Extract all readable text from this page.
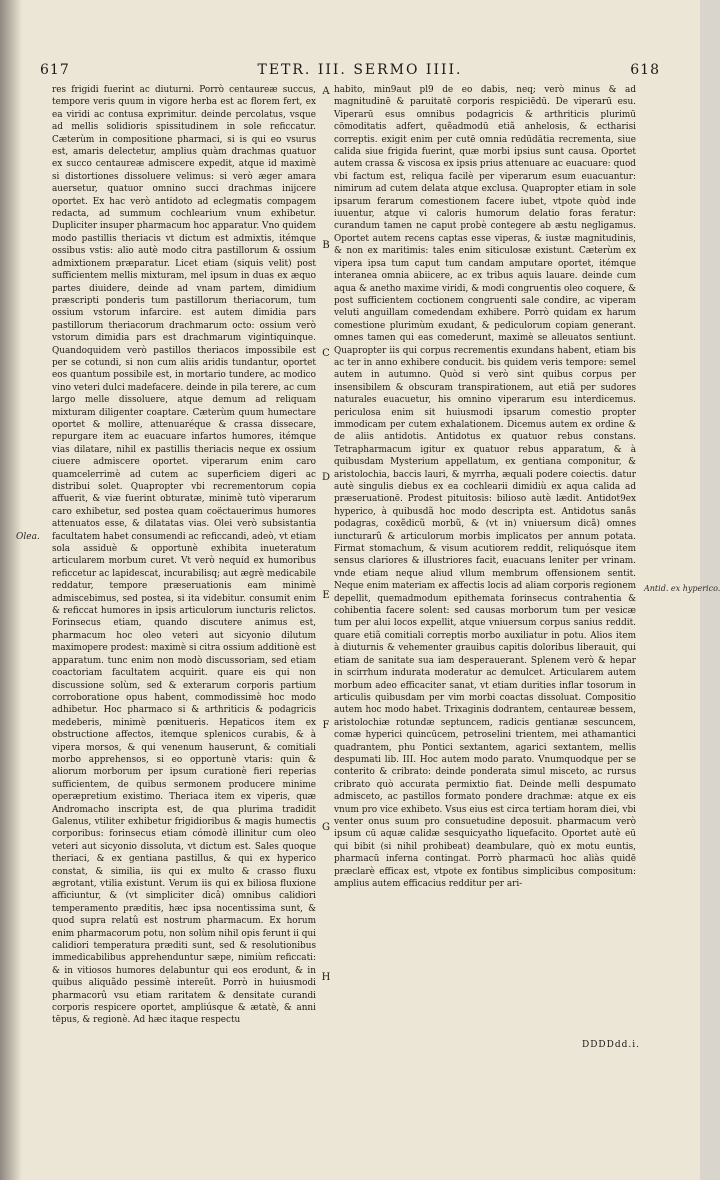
617	TETR. III. SERMO IIII.	618

res frigidi fuerint ac diuturni. Porrò centaureæ succus, tempore veris quum in vigore herba est ac florem fert, ex ea viridi ac contusa exprimitur. deinde percolatus, vsque ad mellis solidioris spissitudinem in sole reficcatur. Cæterùm in compositione pharmaci, si is qui eo vsurus est, amaris delectetur, amplius quàm drachmas quatuor ex succo centaureæ admiscere expedit, atque id maximè si distortiones dissoluere velimus: si verò æger amara auersetur, quatuor omnino succi drachmas inijcere oportet. Ex hac verò antidoto ad eclegmatis compagem redacta, ad summum cochlearium vnum exhibetur. Dupliciter insuper pharmacum hoc apparatur. Vno quidem modo pastillis theriacis vt dictum est admixtis, itémque ossibus vstis: alio autè modo citra pastillorum & ossium admixtionem præparatur. Licet etiam (siquis velit) post sufficientem mellis mixturam, mel ipsum in duas ex æquo partes diuidere, deinde ad vnam partem, dimidium præscripti ponderis tum pastillorum theriacorum, tum ossium vstorum infarcire. est autem dimidia pars pastillorum theriacorum drachmarum octo: ossium verò vstorum dimidia pars est drachmarum vigintiquinque. Quandoquidem verò pastillos theriacos impossibile est per se cotundi, si non cum aliis aridis tundantur, oportet eos quantum possibile est, in mortario tundere, ac modico vino veteri dulci madefacere. deinde in pila terere, ac cum largo melle dissoluere, atque demum ad reliquam mixturam diligenter coaptare. Cæterùm quum humectare oportet & mollire, attenuaréque & crassa dissecare, repurgare item ac euacuare infartos humores, itémque vias dilatare, nihil ex pastillis theriacis neque ex ossium ciuere admiscere oportet. viperarum enim caro quamcelerrimè ad cutem ac superficiem digeri ac distribui solet. Quapropter vbi recrementorum copia affuerit, & viæ fuerint obturatæ, minimè tutò viperarum caro exhibetur, sed postea quam coëctauerimus humores attenuatos esse, & dilatatas vias. Olei verò subsistantia facultatem habet consumendi ac reficcandi, adeò, vt etiam sola assiduè & opportunè exhibita inueteratum articularem morbum curet. Vt verò nequid ex humoribus reficcetur ac lapidescat, incurabilisq; aut ægrè medicabile reddatur, tempore præseruationis eam minimè admiscebimus, sed postea, si ita videbitur. consumit enim & reficcat humores in ipsis articulorum iuncturis relictos. Forinsecus etiam, quando discutere animus est, pharmacum hoc oleo veteri aut sicyonio dilutum maximopere prodest: maximè si citra ossium additionè est apparatum. tunc enim non modò discussoriam, sed etiam coactoriam facultatem acquirit. quare eis qui non discussione solùm, sed & exterarum corporis partium corroboratione opus habent, commodissimè hoc modo adhibetur. Hoc pharmaco si & arthriticis & podagricis medeberis, minimè pœnitueris. Hepaticos item ex obstructione affectos, itemque splenicos curabis, & à vipera morsos, & qui venenum hauserunt, & comitiali morbo apprehensos, si eo opportunè vtaris: quin & aliorum morborum per ipsum curationè fieri reperias sufficientem, de quibus sermonem producere minime operæpretium existimo. Theriaca item ex viperis, quæ Andromacho inscripta est, de qua plurima tradidit Galenus, vtiliter exhibetur frigidioribus & magis humectis corporibus: forinsecus etiam cómodè illinitur cum oleo veteri aut sicyonio dissoluta, vt dictum est. Sales quoque theriaci, & ex gentiana pastillus, & qui ex hyperico constat, & similia, iis qui ex multo & crasso fluxu ægrotant, vtilia existunt. Verum iis qui ex biliosa fluxione afficiuntur, & (vt simpliciter dicâ) omnibus calidiori temperamento præditis, hæc ipsa nocentissima sunt, & quod supra relatû est nostrum pharmacum. Ex horum enim pharmacorum potu, non solùm nihil opis ferunt ii qui calidiori temperatura præditi sunt, sed & resolutionibus immedicabilibus apprehenduntur sæpe, nimiùm reficcati: & in vitiosos humores delabuntur qui eos erodunt, & in quibus aliquãdo pessimè intereũt. Porrò in huiusmodi pharmacorû vsu etiam raritatem & densitate curandi corporis respicere oportet, ampliúsque & ætatè, & anni tēpus, & regionè. Ad hæc itaque respectu

A
B
C
D
E
F
G
H
Olea.
Antid. ex hyperico.

habito, min9aut pl9 de eo dabis, neq; verò minus & ad magnitudinē & paruitatē corporis respiciēdū. De viperarū esu. Viperarū esus omnibus podagricis & arthriticis plurimū cōmoditatis adfert, quẽadmodū etiã anhelosis, & ectharisi correptis. exigit enim per cutē omnia redūdātia recrementa, siue calida siue frigida fuerint, quæ morbi ipsius sunt causa. Oportet autem crassa & viscosa ex ipsis prius attenuare ac euacuare: quod vbi factum est, reliqua facilè per viperarum esum euacuantur: nimirum ad cutem delata atque exclusa. Quapropter etiam in sole ipsarum ferarum comestionem facere iubet, vtpote quòd inde iuuentur, atque vi caloris humorum delatio foras feratur: curandum tamen ne caput probè contegere ab æstu negligamus. Oportet autem recens captas esse viperas, & iustæ magnitudinis, & non ex maritimis: tales enim siticulosæ existunt. Cæterùm ex vipera ipsa tum caput tum candam amputare oportet, itémque interanea omnia abiicere, ac ex tribus aquis lauare. deinde cum aqua & anetho maxime viridi, & modi congruentis oleo coquere, & post sufficientem coctionem congruenti sale condire, ac viperam veluti anguillam comedendam exhibere. Porrò quidam ex harum comestione plurimùm exudant, & pediculorum copiam generant. omnes tamen qui eas comederunt, maximè se alleuatos sentiunt. Quapropter iis qui corpus recrementis exundans habent, etiam bis ac ter in anno exhibere conducit. bis quidem veris tempore: semel autem in autumno. Quòd si verò sint quibus corpus per insensibilem & obscuram transpirationem, aut etiã per sudores naturales euacuetur, his omnino viperarum esu interdicemus. periculosa enim sit huiusmodi ipsarum comestio propter immodicam per cutem exhalationem. Dicemus autem ex ordine & de aliis antidotis. Antidotus ex quatuor rebus constans. Tetrapharmacum igitur ex quatuor rebus apparatum, & à quibusdam Mysterium appellatum, ex gentiana componitur, & aristolochia, baccis lauri, & myrrha, æquali podere coiectis. datur autè singulis diebus ex ea cochlearii dimidiù ex aqua calida ad præseruationē. Prodest pituitosis: bilioso autè lædit. Antidot9ex hyperico, à quibusdã hoc modo descripta est. Antidotus sanãs podagras, coxẽdicũ morbũ, & (vt in) vniuersum dicã) omnes iuncturarũ & articulorum morbis implicatos per annum potata. Firmat stomachum, & visum acutiorem reddit, reliquósque item sensus clariores & illustriores facit, euacuans leniter per vrinam. vnde etiam neque aliud vllum membrum offensionem sentit. Neque enim materiam ex affectis locis ad aliam corporis regionem depellit, quemadmodum epithemata forinsecus contrahentia & cohibentia facere solent: sed causas morborum tum per vesicæ tum per alui locos expellit, atque vniuersum corpus sanius reddit. quare etiã comitiali correptis morbo auxiliatur in potu. Alios item à diuturnis & vehementer grauibus capitis doloribus liberauit, qui etiam de sanitate sua iam desperauerant. Splenem verò & hepar in scirrhum indurata moderatur ac demulcet. Articularem autem morbum adeo efficaciter sanat, vt etiam durities inflar tosorum in articulis quibusdam per vim morbi coactas dissoluat. Compositio autem hoc modo habet. Trixaginis dodrantem, centaureæ bessem, aristolochiæ rotundæ septuncem, radicis gentianæ sescuncem, comæ hyperici quincūcem, petroselini trientem, mei athamantici quadrantem, phu Pontici sextantem, agarici sextantem, mellis despumati lib. III. Hoc autem modo parato. Vnumquodque per se conterito & cribrato: deinde ponderata simul misceto, ac rursus cribrato quò accurata permixtio fiat. Deinde melli despumato admisceto, ac pastillos formato pondere drachmæ: atque ex eis vnum pro vice exhibeto. Vsus eius est circa tertiam horam diei, vbi venter onus suum pro consuetudine deposuit. pharmacum verò ipsum cū aquæ calidæ sesquicyatho liquefacito. Oportet autè eū qui bibit (si nihil prohibeat) deambulare, quò ex motu euntis, pharmacū inferna contingat. Porrò pharmacū hoc aliàs quidē præclarè efficax est, vtpote ex fontibus simplicibus compositum: amplius autem efficacius redditur per ari-

DDDDdd.i.
